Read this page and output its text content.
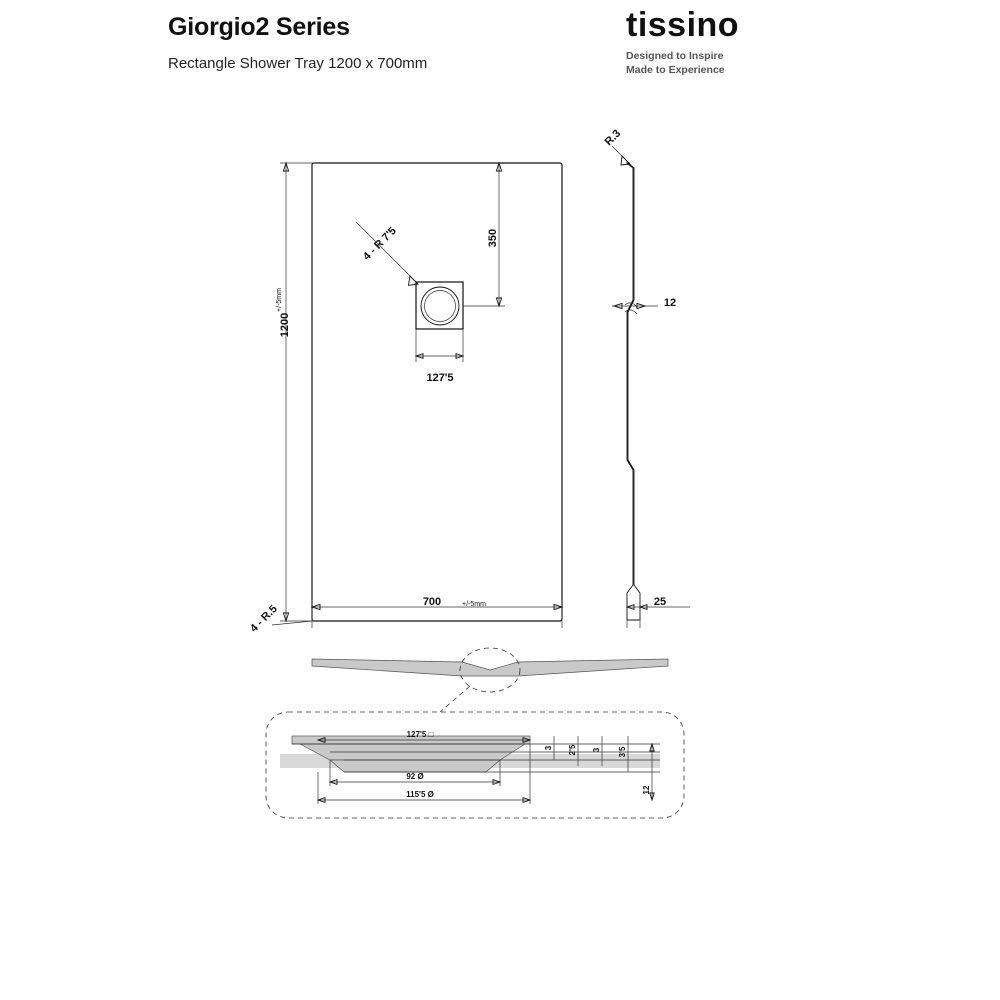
Giorgio2 Series
Rectangle Shower Tray 1200 x 700mm
tissino
Designed to Inspire
Made to Experience
1200
+/-5mm
700	+/-5mm
4 - R.5
4 - R 7'5	350
127'5
R.3
12
25
127'5 □
92 Ø
115'5 Ø
3 2'5 3 3'5
12
